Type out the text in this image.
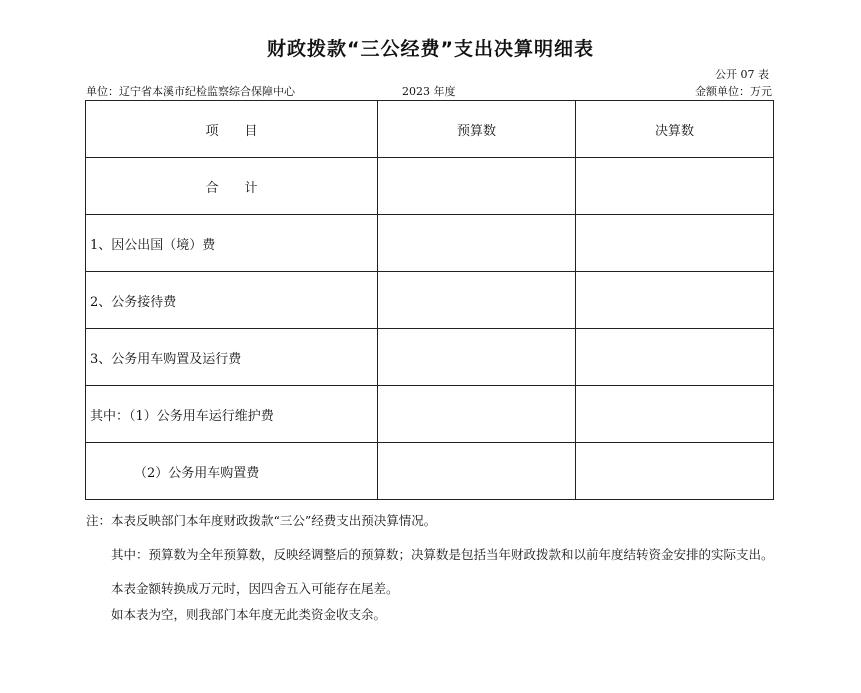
财政拨款“三公经费”支出决算明细表
公开 07 表
单位：辽宁省本溪市纪检监察综合保障中心	2023 年度	金额单位：万元
项　　目	预算数	决算数
合　　计		
1、因公出国（境）费		
2、公务接待费		
3、公务用车购置及运行费		
其中：（1）公务用车运行维护费		
（2）公务用车购置费		

注：本表反映部门本年度财政拨款“三公”经费支出预决算情况。

其中：预算数为全年预算数，反映经调整后的预算数；决算数是包括当年财政拨款和以前年度结转资金安排的实际支出。

本表金额转换成万元时，因四舍五入可能存在尾差。

如本表为空，则我部门本年度无此类资金收支余。
